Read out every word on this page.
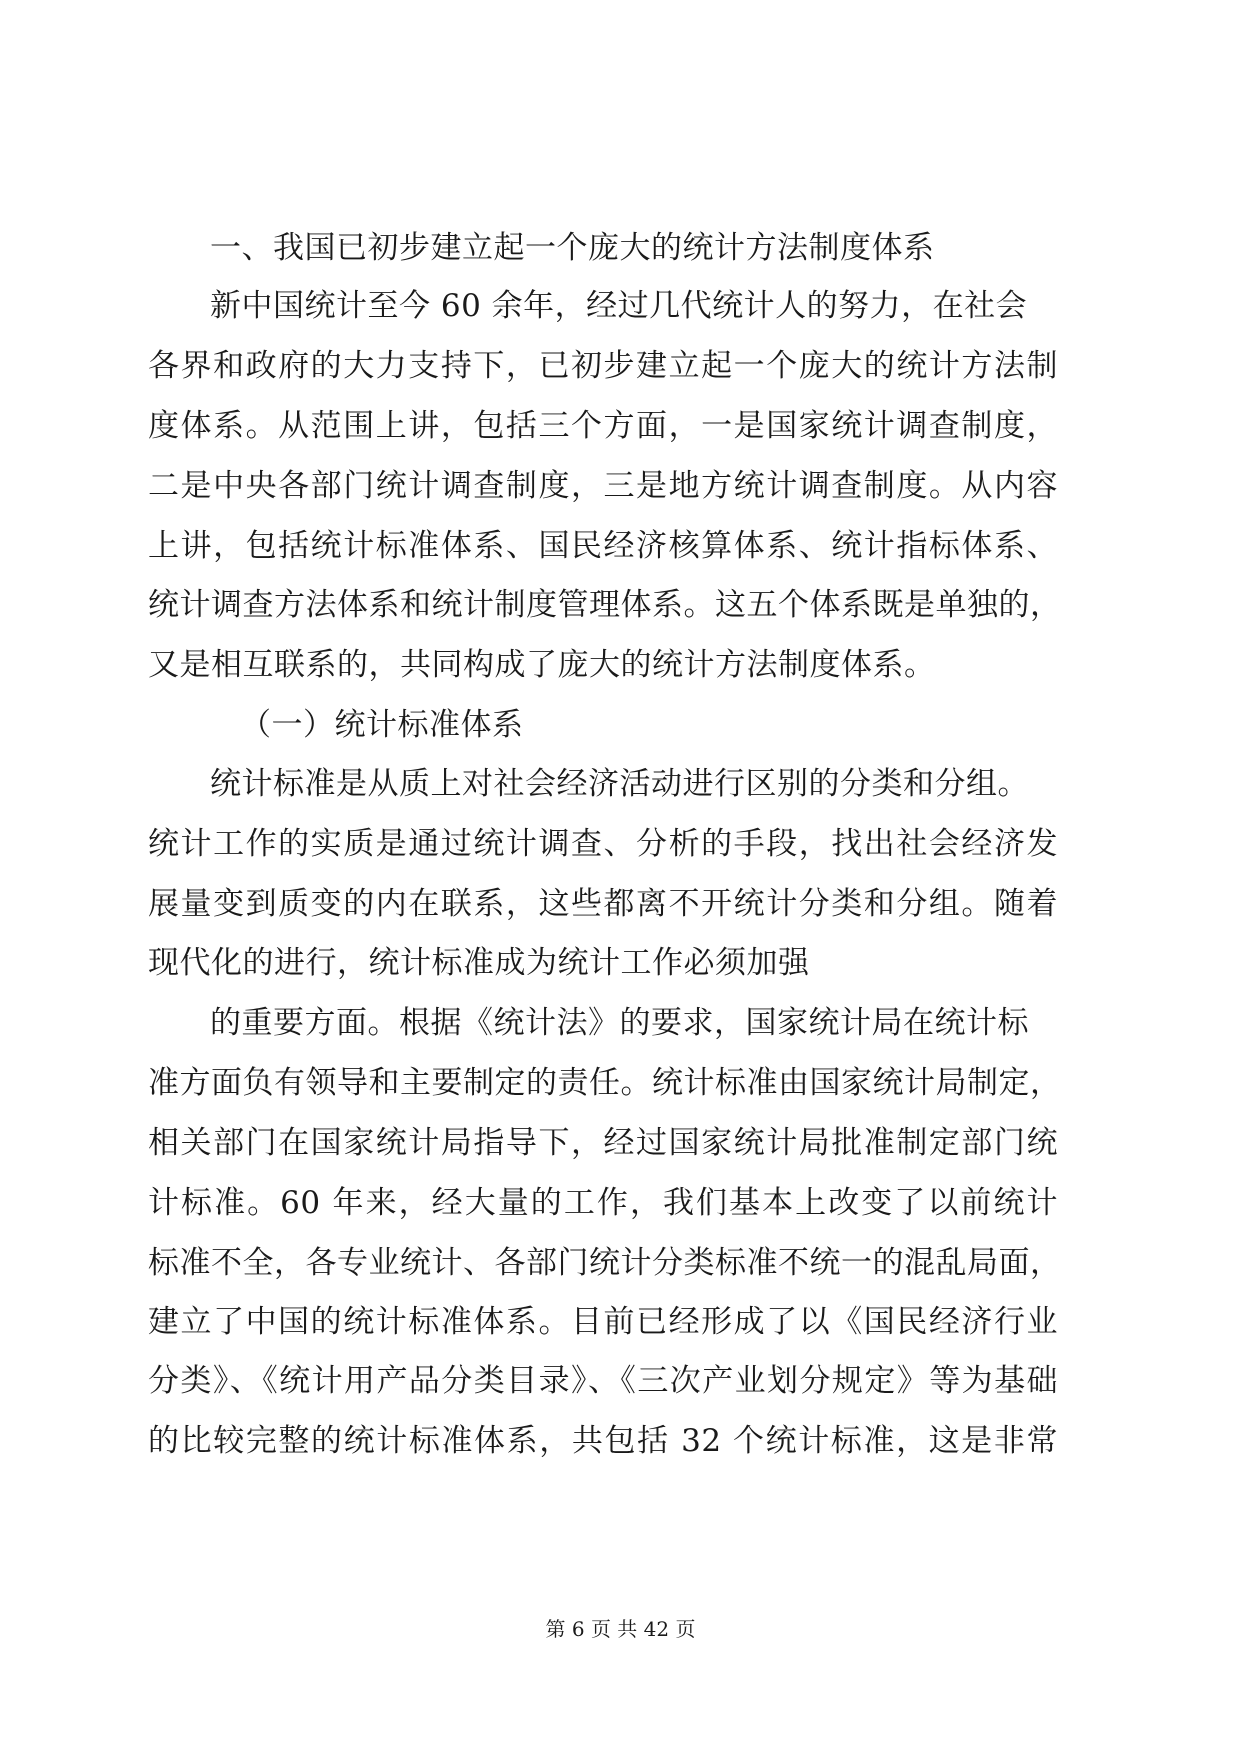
一、我国已初步建立起一个庞大的统计方法制度体系
新中国统计至今 60 余年，经过几代统计人的努力，在社会
各界和政府的大力支持下，已初步建立起一个庞大的统计方法制
度体系。从范围上讲，包括三个方面，一是国家统计调查制度，
二是中央各部门统计调查制度，三是地方统计调查制度。从内容
上讲，包括统计标准体系、国民经济核算体系、统计指标体系、
统计调查方法体系和统计制度管理体系。这五个体系既是单独的，
又是相互联系的，共同构成了庞大的统计方法制度体系。
（一）统计标准体系
统计标准是从质上对社会经济活动进行区别的分类和分组。
统计工作的实质是通过统计调查、分析的手段，找出社会经济发
展量变到质变的内在联系，这些都离不开统计分类和分组。随着
现代化的进行，统计标准成为统计工作必须加强
的重要方面。根据《统计法》的要求，国家统计局在统计标
准方面负有领导和主要制定的责任。统计标准由国家统计局制定，
相关部门在国家统计局指导下，经过国家统计局批准制定部门统
计标准。60 年来，经大量的工作，我们基本上改变了以前统计
标准不全，各专业统计、各部门统计分类标准不统一的混乱局面，
建立了中国的统计标准体系。目前已经形成了以《国民经济行业
分类》、《统计用产品分类目录》、《三次产业划分规定》等为基础
的比较完整的统计标准体系，共包括 32 个统计标准，这是非常
第 6 页 共 42 页
